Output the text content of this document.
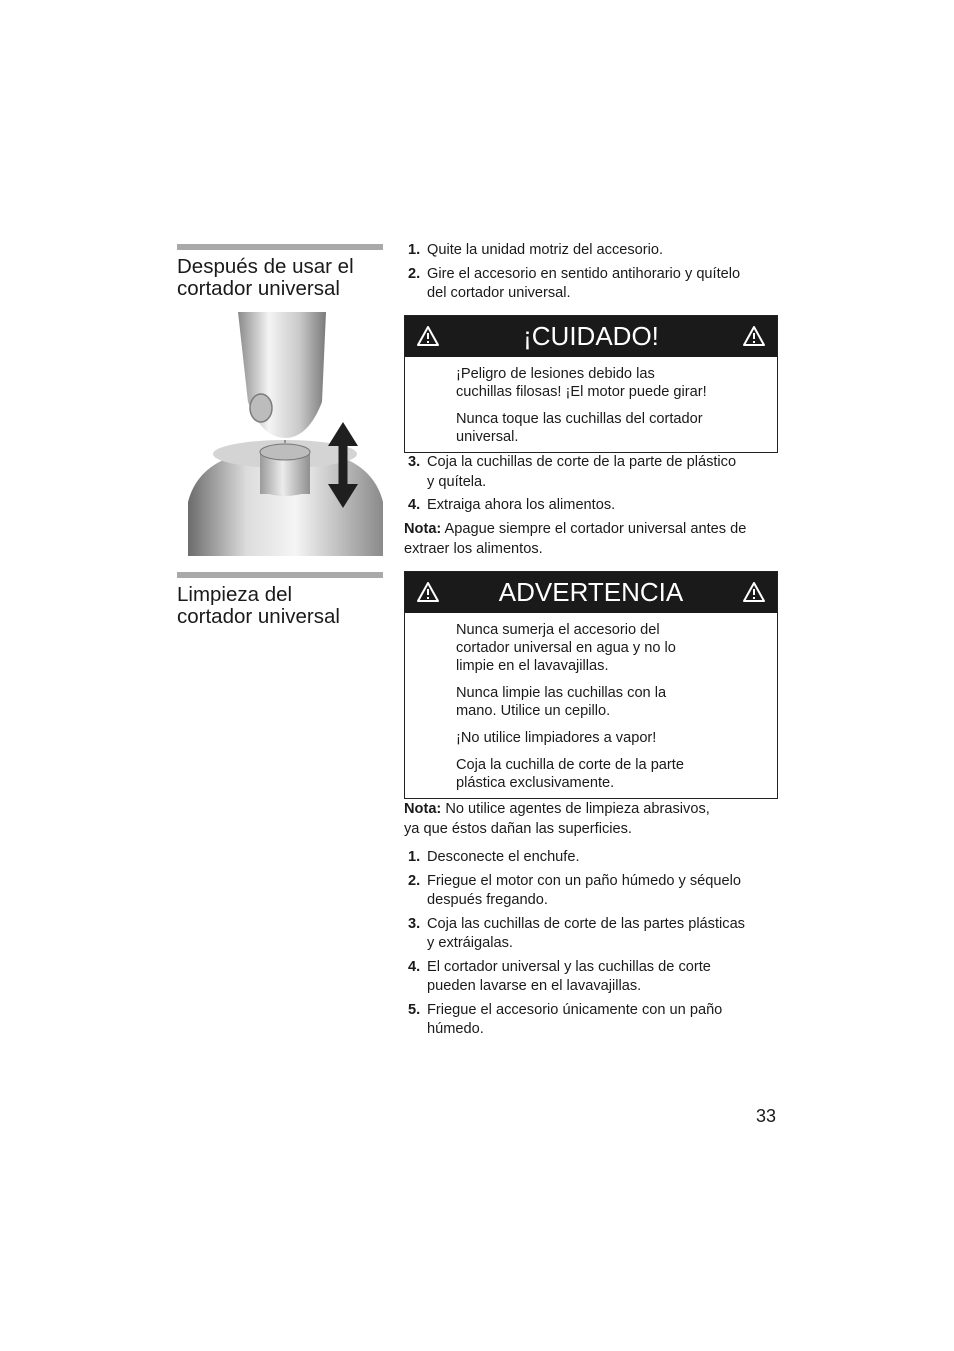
Después de usar el
cortador universal
Limpieza del
cortador universal
1. Quite la unidad motriz del accesorio.
2. Gire el accesorio en sentido antihorario y quítelo
del cortador universal.
¡CUIDADO!

¡Peligro de lesiones debido las
cuchillas filosas! ¡El motor puede girar!

Nunca toque las cuchillas del cortador
universal.

3. Coja la cuchillas de corte de la parte de plástico
y quítela.
4. Extraiga ahora los alimentos.
Nota: Apague siempre el cortador universal antes de
extraer los alimentos.
ADVERTENCIA

Nunca sumerja el accesorio del
cortador universal en agua y no lo
limpie en el lavavajillas.

Nunca limpie las cuchillas con la
mano. Utilice un cepillo.

¡No utilice limpiadores a vapor!

Coja la cuchilla de corte de la parte
plástica exclusivamente.

Nota: No utilice agentes de limpieza abrasivos,
ya que éstos dañan las superficies.
1. Desconecte el enchufe.
2. Friegue el motor con un paño húmedo y séquelo
después fregando.
3. Coja las cuchillas de corte de las partes plásticas
y extráigalas.
4. El cortador universal y las cuchillas de corte
pueden lavarse en el lavavajillas.
5. Friegue el accesorio únicamente con un paño
húmedo.
33
